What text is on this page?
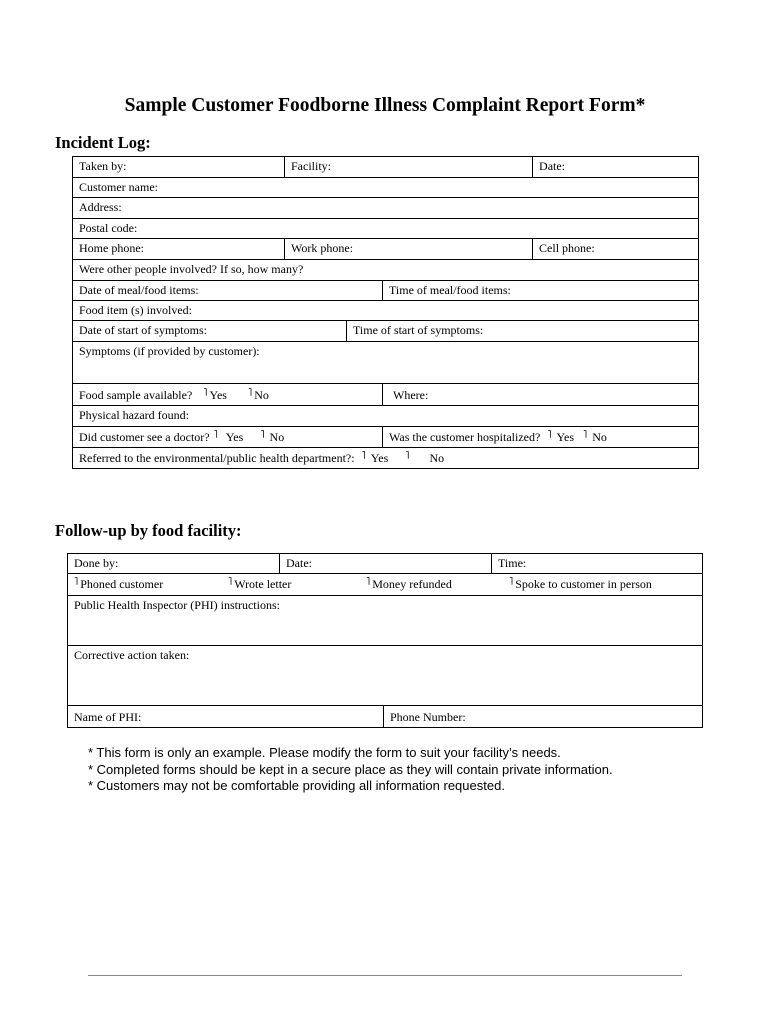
Sample Customer Foodborne Illness Complaint Report Form*
Incident Log:
Taken by:	Facility:			Date:
Customer name:				
Address:				
Postal code:				
Home phone:	Work phone:			Cell phone:
Were other people involved? If so, how many?				
Date of meal/food items:			Time of meal/food items:	
Food item (s) involved:				
Date of start of symptoms:		Time of start of symptoms:		
Symptoms (if provided by customer):				
Food sample available? ˥ Yes ˥ No			Where:	
Physical hazard found:				
Did customer see a doctor? ˥ Yes ˥ No			Was the customer hospitalized? ˥ Yes ˥ No	
Referred to the environmental/public health department?: ˥ Yes ˥ No				
Follow-up by food facility:
Done by:	Date:		Time:
˥ Phoned customer ˥ Wrote letter ˥ Money refunded ˥ Spoke to customer in person			
Public Health Inspector (PHI) instructions:			
Corrective action taken:			
Name of PHI:		Phone Number:	
* This form is only an example. Please modify the form to suit your facility’s needs.
* Completed forms should be kept in a secure place as they will contain private information.
* Customers may not be comfortable providing all information requested.
